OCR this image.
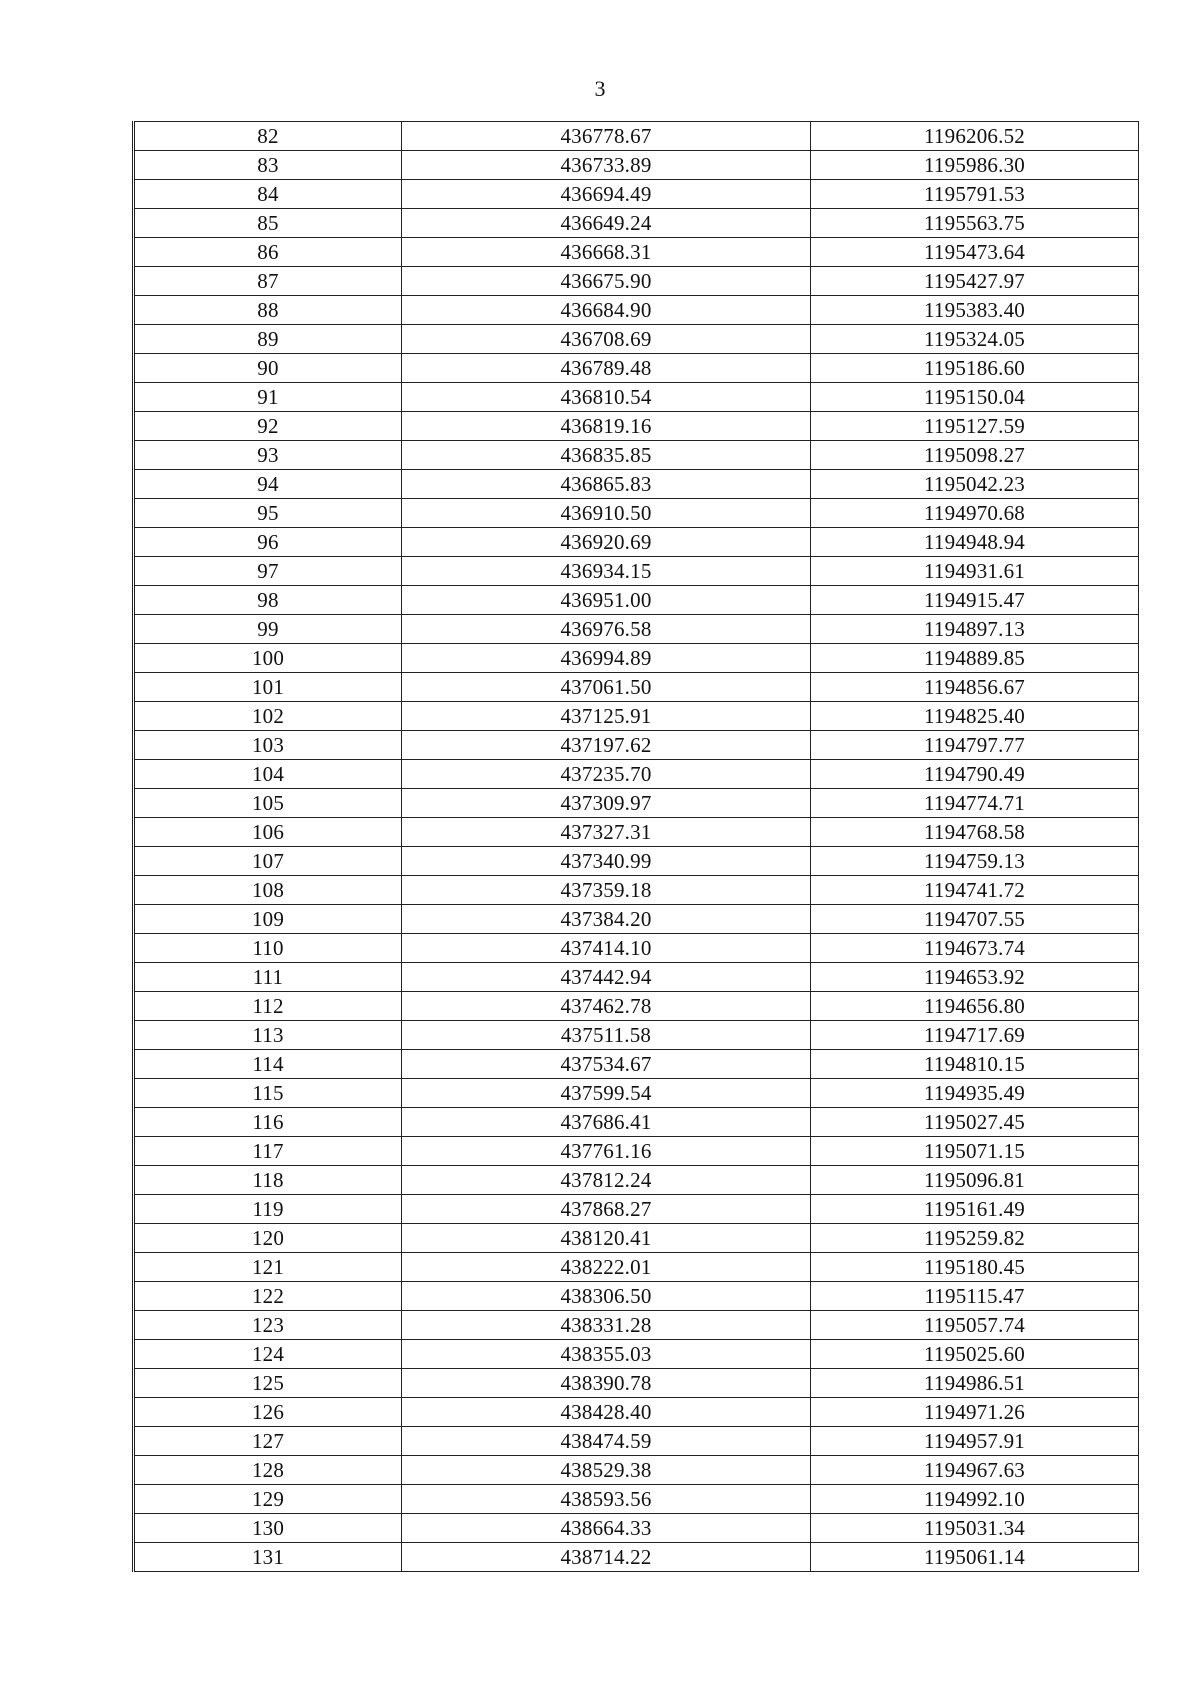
3
82	436778.67	1196206.52
83	436733.89	1195986.30
84	436694.49	1195791.53
85	436649.24	1195563.75
86	436668.31	1195473.64
87	436675.90	1195427.97
88	436684.90	1195383.40
89	436708.69	1195324.05
90	436789.48	1195186.60
91	436810.54	1195150.04
92	436819.16	1195127.59
93	436835.85	1195098.27
94	436865.83	1195042.23
95	436910.50	1194970.68
96	436920.69	1194948.94
97	436934.15	1194931.61
98	436951.00	1194915.47
99	436976.58	1194897.13
100	436994.89	1194889.85
101	437061.50	1194856.67
102	437125.91	1194825.40
103	437197.62	1194797.77
104	437235.70	1194790.49
105	437309.97	1194774.71
106	437327.31	1194768.58
107	437340.99	1194759.13
108	437359.18	1194741.72
109	437384.20	1194707.55
110	437414.10	1194673.74
111	437442.94	1194653.92
112	437462.78	1194656.80
113	437511.58	1194717.69
114	437534.67	1194810.15
115	437599.54	1194935.49
116	437686.41	1195027.45
117	437761.16	1195071.15
118	437812.24	1195096.81
119	437868.27	1195161.49
120	438120.41	1195259.82
121	438222.01	1195180.45
122	438306.50	1195115.47
123	438331.28	1195057.74
124	438355.03	1195025.60
125	438390.78	1194986.51
126	438428.40	1194971.26
127	438474.59	1194957.91
128	438529.38	1194967.63
129	438593.56	1194992.10
130	438664.33	1195031.34
131	438714.22	1195061.14
